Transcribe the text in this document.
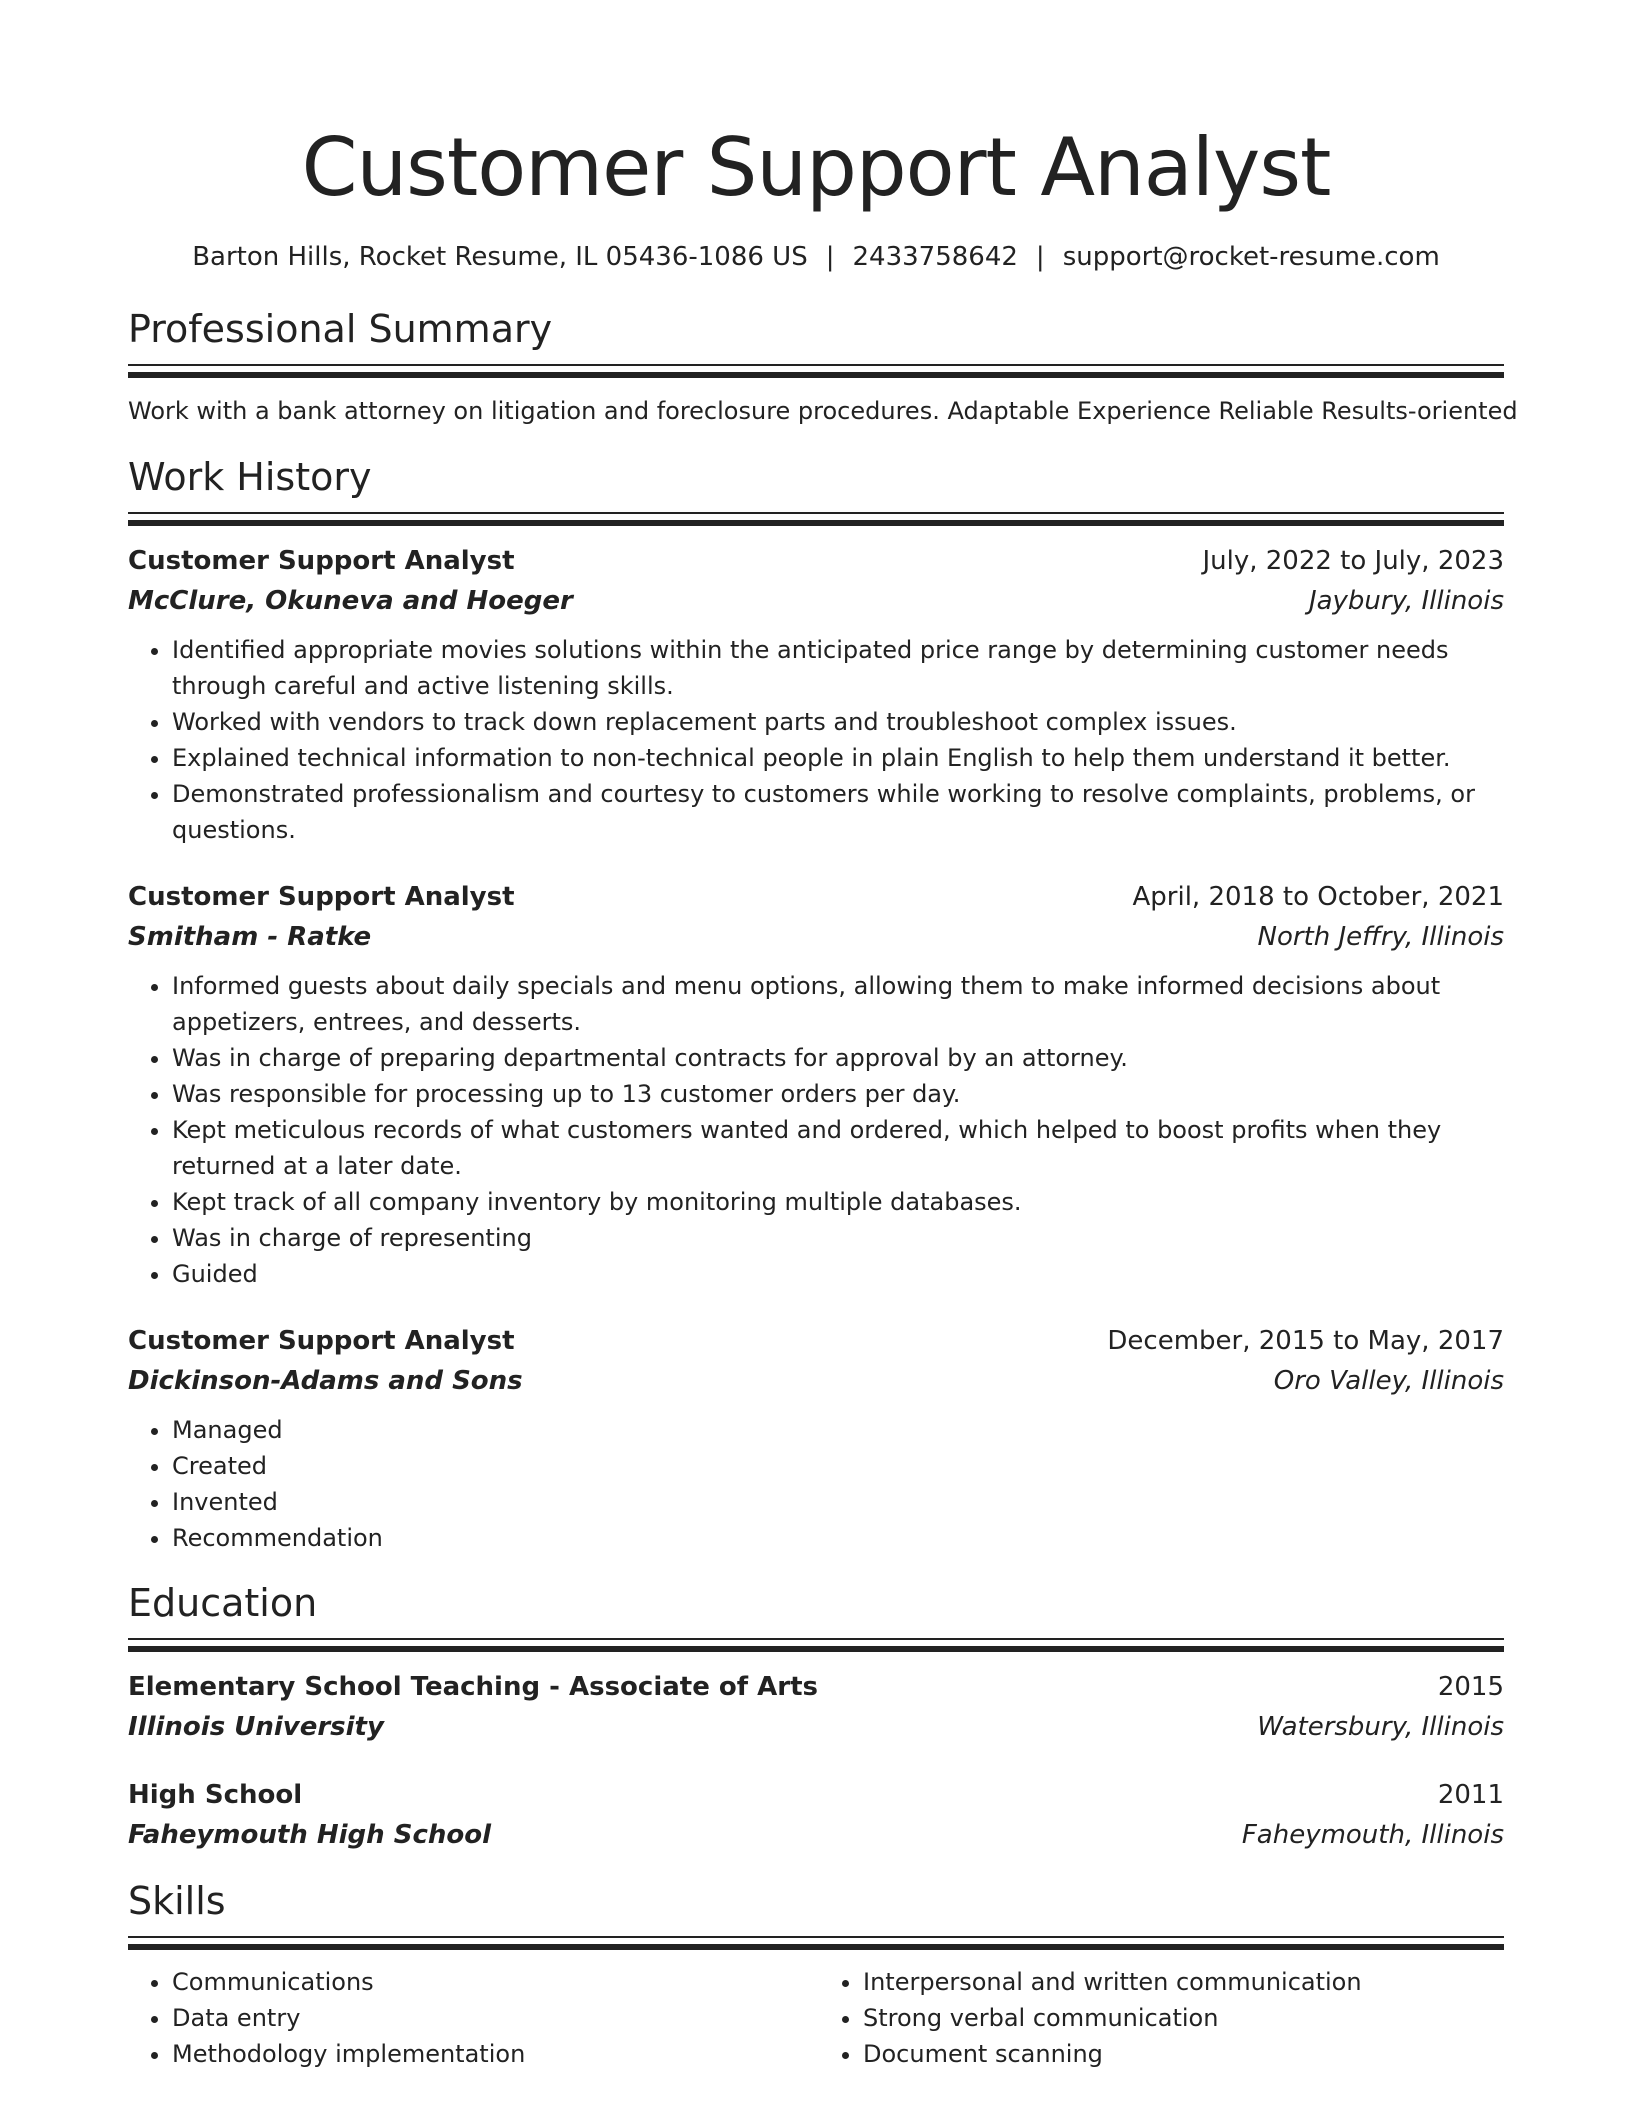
Customer Support Analyst
Barton Hills, Rocket Resume, IL 05436-1086 US | 2433758642 | support@rocket-resume.com
Professional Summary
Work with a bank attorney on litigation and foreclosure procedures. Adaptable Experience Reliable Results-oriented
Work History
Customer Support Analyst	July, 2022 to July, 2023
McClure, Okuneva and Hoeger	Jaybury, Illinois
• Identified appropriate movies solutions within the anticipated price range by determining customer needs through careful and active listening skills.
• Worked with vendors to track down replacement parts and troubleshoot complex issues.
• Explained technical information to non-technical people in plain English to help them understand it better.
• Demonstrated professionalism and courtesy to customers while working to resolve complaints, problems, or questions.
Customer Support Analyst	April, 2018 to October, 2021
Smitham - Ratke	North Jeffry, Illinois
• Informed guests about daily specials and menu options, allowing them to make informed decisions about appetizers, entrees, and desserts.
• Was in charge of preparing departmental contracts for approval by an attorney.
• Was responsible for processing up to 13 customer orders per day.
• Kept meticulous records of what customers wanted and ordered, which helped to boost profits when they returned at a later date.
• Kept track of all company inventory by monitoring multiple databases.
• Was in charge of representing
• Guided
Customer Support Analyst	December, 2015 to May, 2017
Dickinson-Adams and Sons	Oro Valley, Illinois
• Managed
• Created
• Invented
• Recommendation
Education
Elementary School Teaching - Associate of Arts	2015
Illinois University	Watersbury, Illinois
High School	2011
Faheymouth High School	Faheymouth, Illinois
Skills
• Communications
• Data entry
• Methodology implementation
• Interpersonal and written communication
• Strong verbal communication
• Document scanning
